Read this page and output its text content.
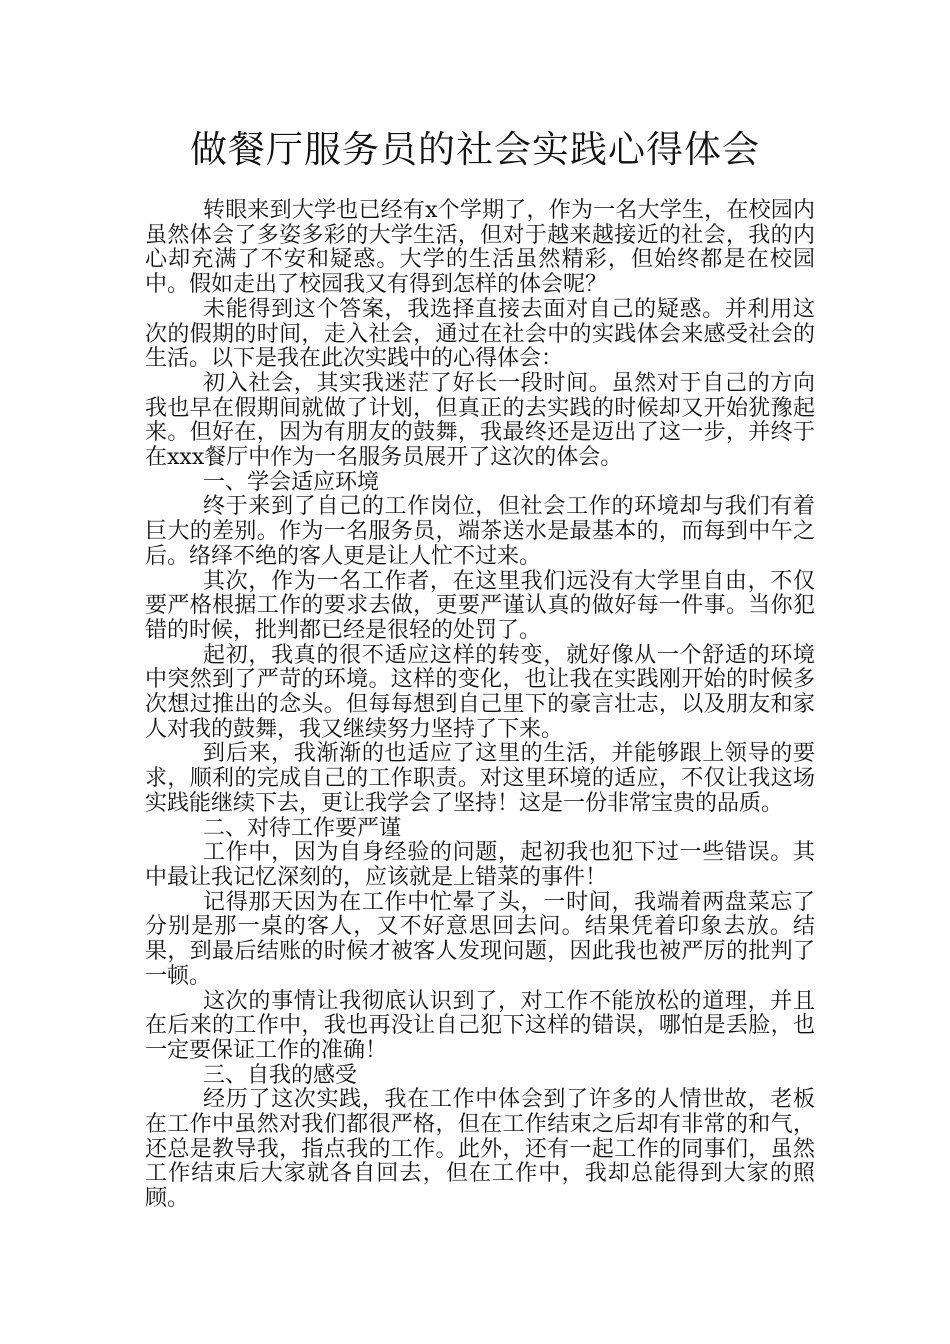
做餐厅服务员的社会实践心得体会

转眼来到大学也已经有x个学期了，作为一名大学生，在校园内虽然体会了多姿多彩的大学生活，但对于越来越接近的社会，我的内心却充满了不安和疑惑。大学的生活虽然精彩，但始终都是在校园中。假如走出了校园我又有得到怎样的体会呢？

未能得到这个答案，我选择直接去面对自己的疑惑。并利用这次的假期的时间，走入社会，通过在社会中的实践体会来感受社会的生活。以下是我在此次实践中的心得体会：

初入社会，其实我迷茫了好长一段时间。虽然对于自己的方向我也早在假期间就做了计划，但真正的去实践的时候却又开始犹豫起来。但好在，因为有朋友的鼓舞，我最终还是迈出了这一步，并终于在xxx餐厅中作为一名服务员展开了这次的体会。

一、学会适应环境

终于来到了自己的工作岗位，但社会工作的环境却与我们有着巨大的差别。作为一名服务员，端茶送水是最基本的，而每到中午之后。络绎不绝的客人更是让人忙不过来。

其次，作为一名工作者，在这里我们远没有大学里自由，不仅要严格根据工作的要求去做，更要严谨认真的做好每一件事。当你犯错的时候，批判都已经是很轻的处罚了。

起初，我真的很不适应这样的转变，就好像从一个舒适的环境中突然到了严苛的环境。这样的变化，也让我在实践刚开始的时候多次想过推出的念头。但每每想到自己里下的豪言壮志，以及朋友和家人对我的鼓舞，我又继续努力坚持了下来。

到后来，我渐渐的也适应了这里的生活，并能够跟上领导的要求，顺利的完成自己的工作职责。对这里环境的适应，不仅让我这场实践能继续下去，更让我学会了坚持！这是一份非常宝贵的品质。

二、对待工作要严谨

工作中，因为自身经验的问题，起初我也犯下过一些错误。其中最让我记忆深刻的，应该就是上错菜的事件！

记得那天因为在工作中忙晕了头，一时间，我端着两盘菜忘了分别是那一桌的客人，又不好意思回去问。结果凭着印象去放。结果，到最后结账的时候才被客人发现问题，因此我也被严厉的批判了一顿。

这次的事情让我彻底认识到了，对工作不能放松的道理，并且在后来的工作中，我也再没让自己犯下这样的错误，哪怕是丢脸，也一定要保证工作的准确！

三、自我的感受

经历了这次实践，我在工作中体会到了许多的人情世故，老板在工作中虽然对我们都很严格，但在工作结束之后却有非常的和气，还总是教导我，指点我的工作。此外，还有一起工作的同事们，虽然工作结束后大家就各自回去，但在工作中，我却总能得到大家的照顾。
